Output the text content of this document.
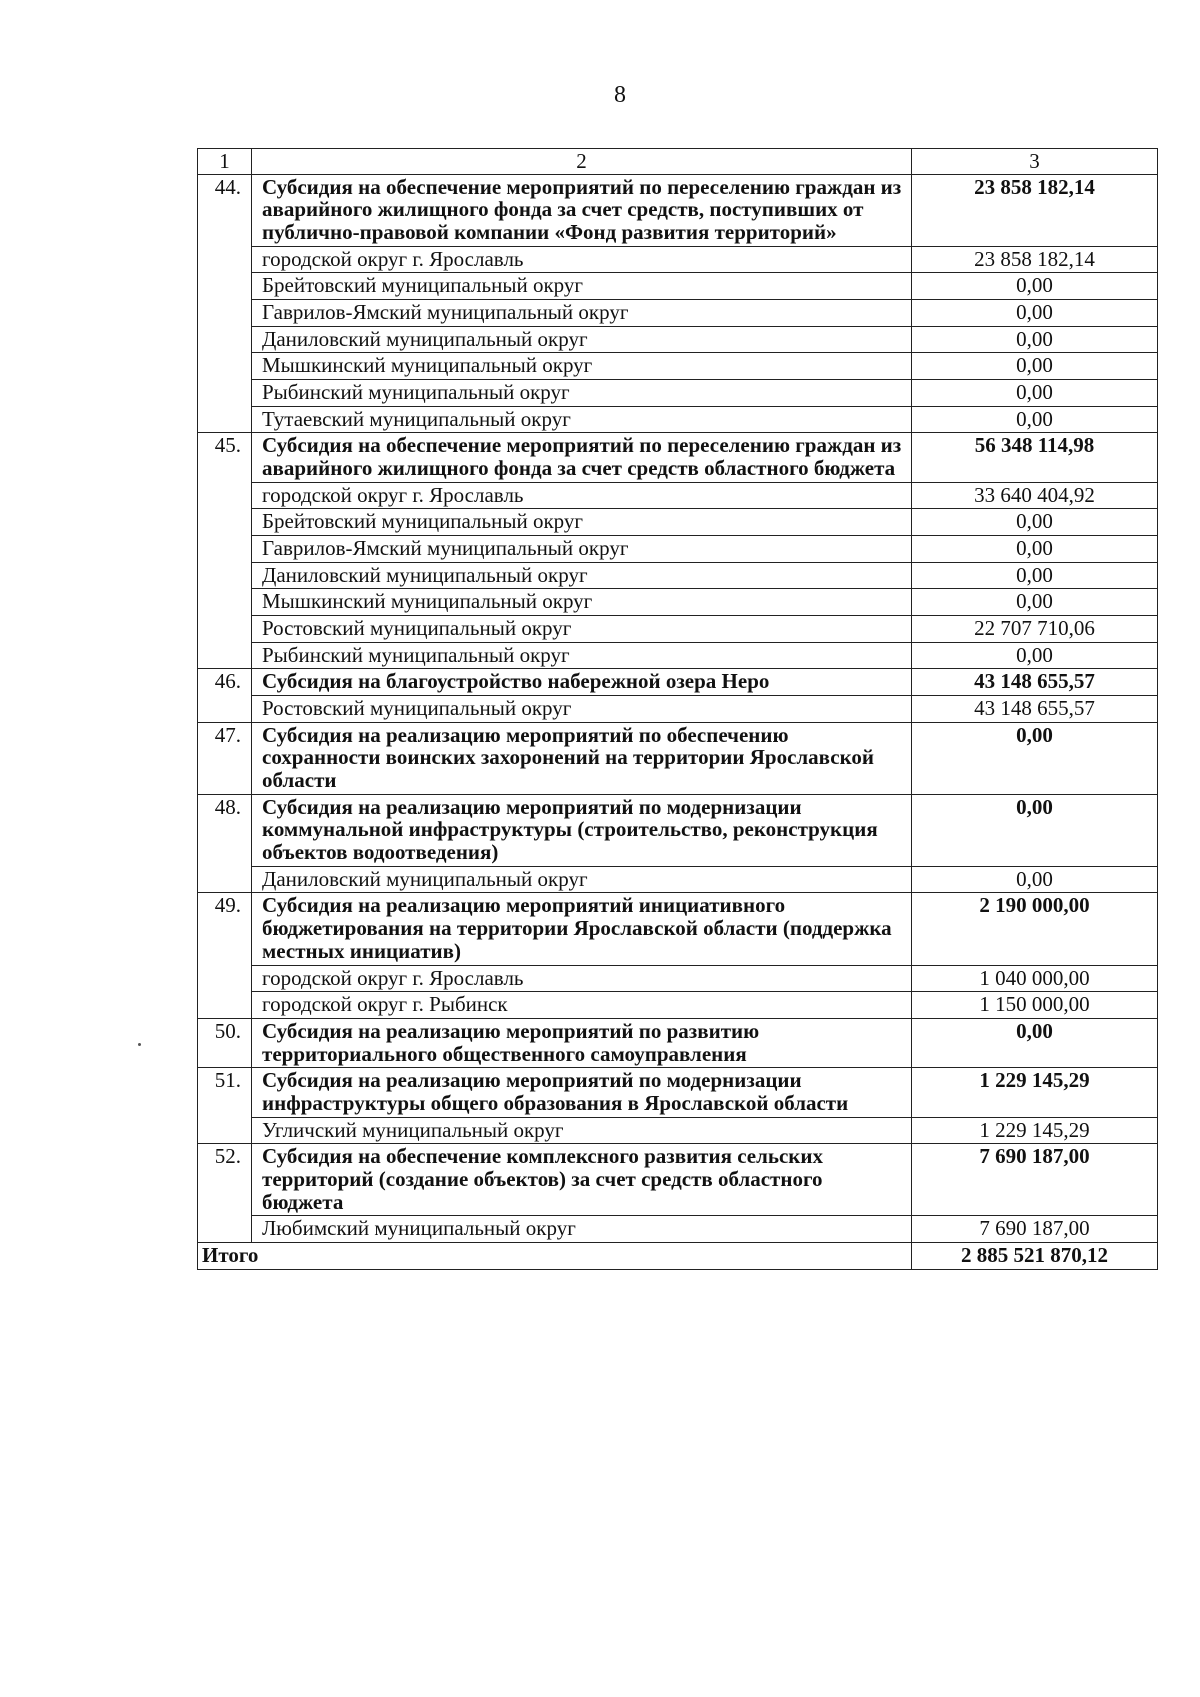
8
1	2	3
44.	Субсидия на обеспечение мероприятий по переселению граждан из аварийного жилищного фонда за счет средств, поступивших от публично-правовой компании «Фонд развития территорий»	23 858 182,14
	городской округ г. Ярославль	23 858 182,14
	Брейтовский муниципальный округ	0,00
	Гаврилов-Ямский муниципальный округ	0,00
	Даниловский муниципальный округ	0,00
	Мышкинский муниципальный округ	0,00
	Рыбинский муниципальный округ	0,00
	Тутаевский муниципальный округ	0,00
45.	Субсидия на обеспечение мероприятий по переселению граждан из аварийного жилищного фонда за счет средств областного бюджета	56 348 114,98
	городской округ г. Ярославль	33 640 404,92
	Брейтовский муниципальный округ	0,00
	Гаврилов-Ямский муниципальный округ	0,00
	Даниловский муниципальный округ	0,00
	Мышкинский муниципальный округ	0,00
	Ростовский муниципальный округ	22 707 710,06
	Рыбинский муниципальный округ	0,00
46.	Субсидия на благоустройство набережной озера Неро	43 148 655,57
	Ростовский муниципальный округ	43 148 655,57
47.	Субсидия на реализацию мероприятий по обеспечению сохранности воинских захоронений на территории Ярославской области	0,00
48.	Субсидия на реализацию мероприятий по модернизации коммунальной инфраструктуры (строительство, реконструкция объектов водоотведения)	0,00
	Даниловский муниципальный округ	0,00
49.	Субсидия на реализацию мероприятий инициативного бюджетирования на территории Ярославской области (поддержка местных инициатив)	2 190 000,00
	городской округ г. Ярославль	1 040 000,00
	городской округ г. Рыбинск	1 150 000,00
50.	Субсидия на реализацию мероприятий по развитию территориального общественного самоуправления	0,00
51.	Субсидия на реализацию мероприятий по модернизации инфраструктуры общего образования в Ярославской области	1 229 145,29
	Угличский муниципальный округ	1 229 145,29
52.	Субсидия на обеспечение комплексного развития сельских территорий (создание объектов) за счет средств областного бюджета	7 690 187,00
	Любимский муниципальный округ	7 690 187,00
Итого		2 885 521 870,12
